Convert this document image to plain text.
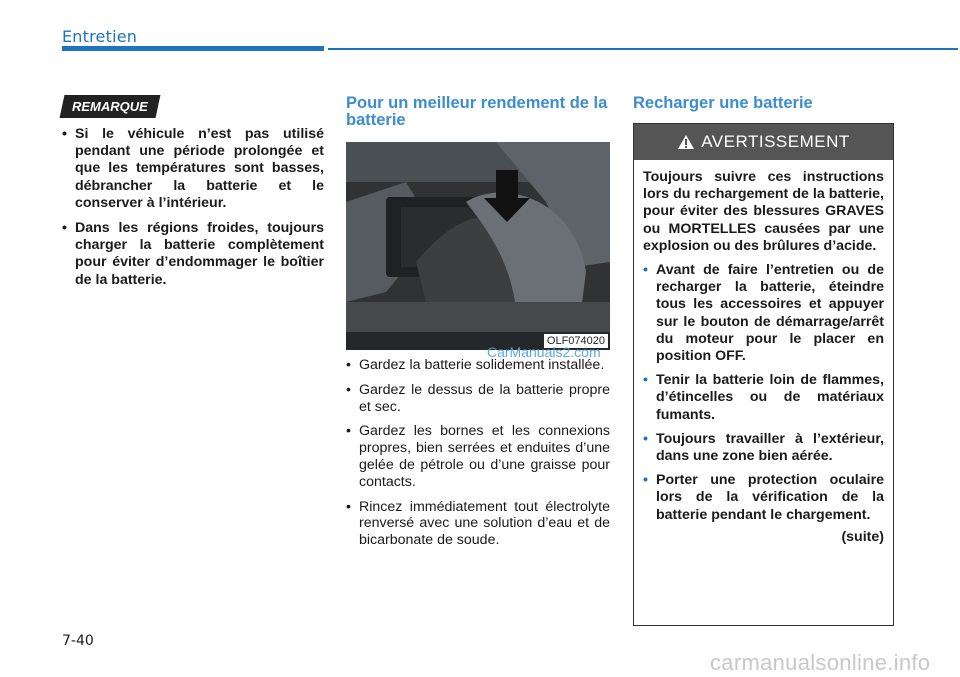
Entretien
REMARQUE
• Si le véhicule n’est pas utilisé pendant une période prolongée et que les températures sont basses, débrancher la batterie et le conserver à l’intérieur.
• Dans les régions froides, toujours charger la batterie complètement pour éviter d’endommager le boîtier de la batterie.
Pour un meilleur rendement de la batterie
OLF074020
CarManuals2.com
• Gardez la batterie solidement installée.
• Gardez le dessus de la batterie propre et sec.
• Gardez les bornes et les connexions propres, bien serrées et enduites d’une gelée de pétrole ou d’une graisse pour contacts.
• Rincez immédiatement tout électrolyte renversé avec une solution d’eau et de bicarbonate de soude.
Recharger une batterie
AVERTISSEMENT

Toujours suivre ces instructions lors du rechargement de la batterie, pour éviter des blessures GRAVES ou MORTELLES causées par une explosion ou des brûlures d’acide.

• Avant de faire l’entretien ou de recharger la batterie, éteindre tous les accessoires et appuyer sur le bouton de démarrage/arrêt du moteur pour le placer en position OFF.
• Tenir la batterie loin de flammes, d’étincelles ou de matériaux fumants.
• Toujours travailler à l’extérieur, dans une zone bien aérée.
• Porter une protection oculaire lors de la vérification de la batterie pendant le chargement.
(suite)
7-40
carmanualsonline.info
